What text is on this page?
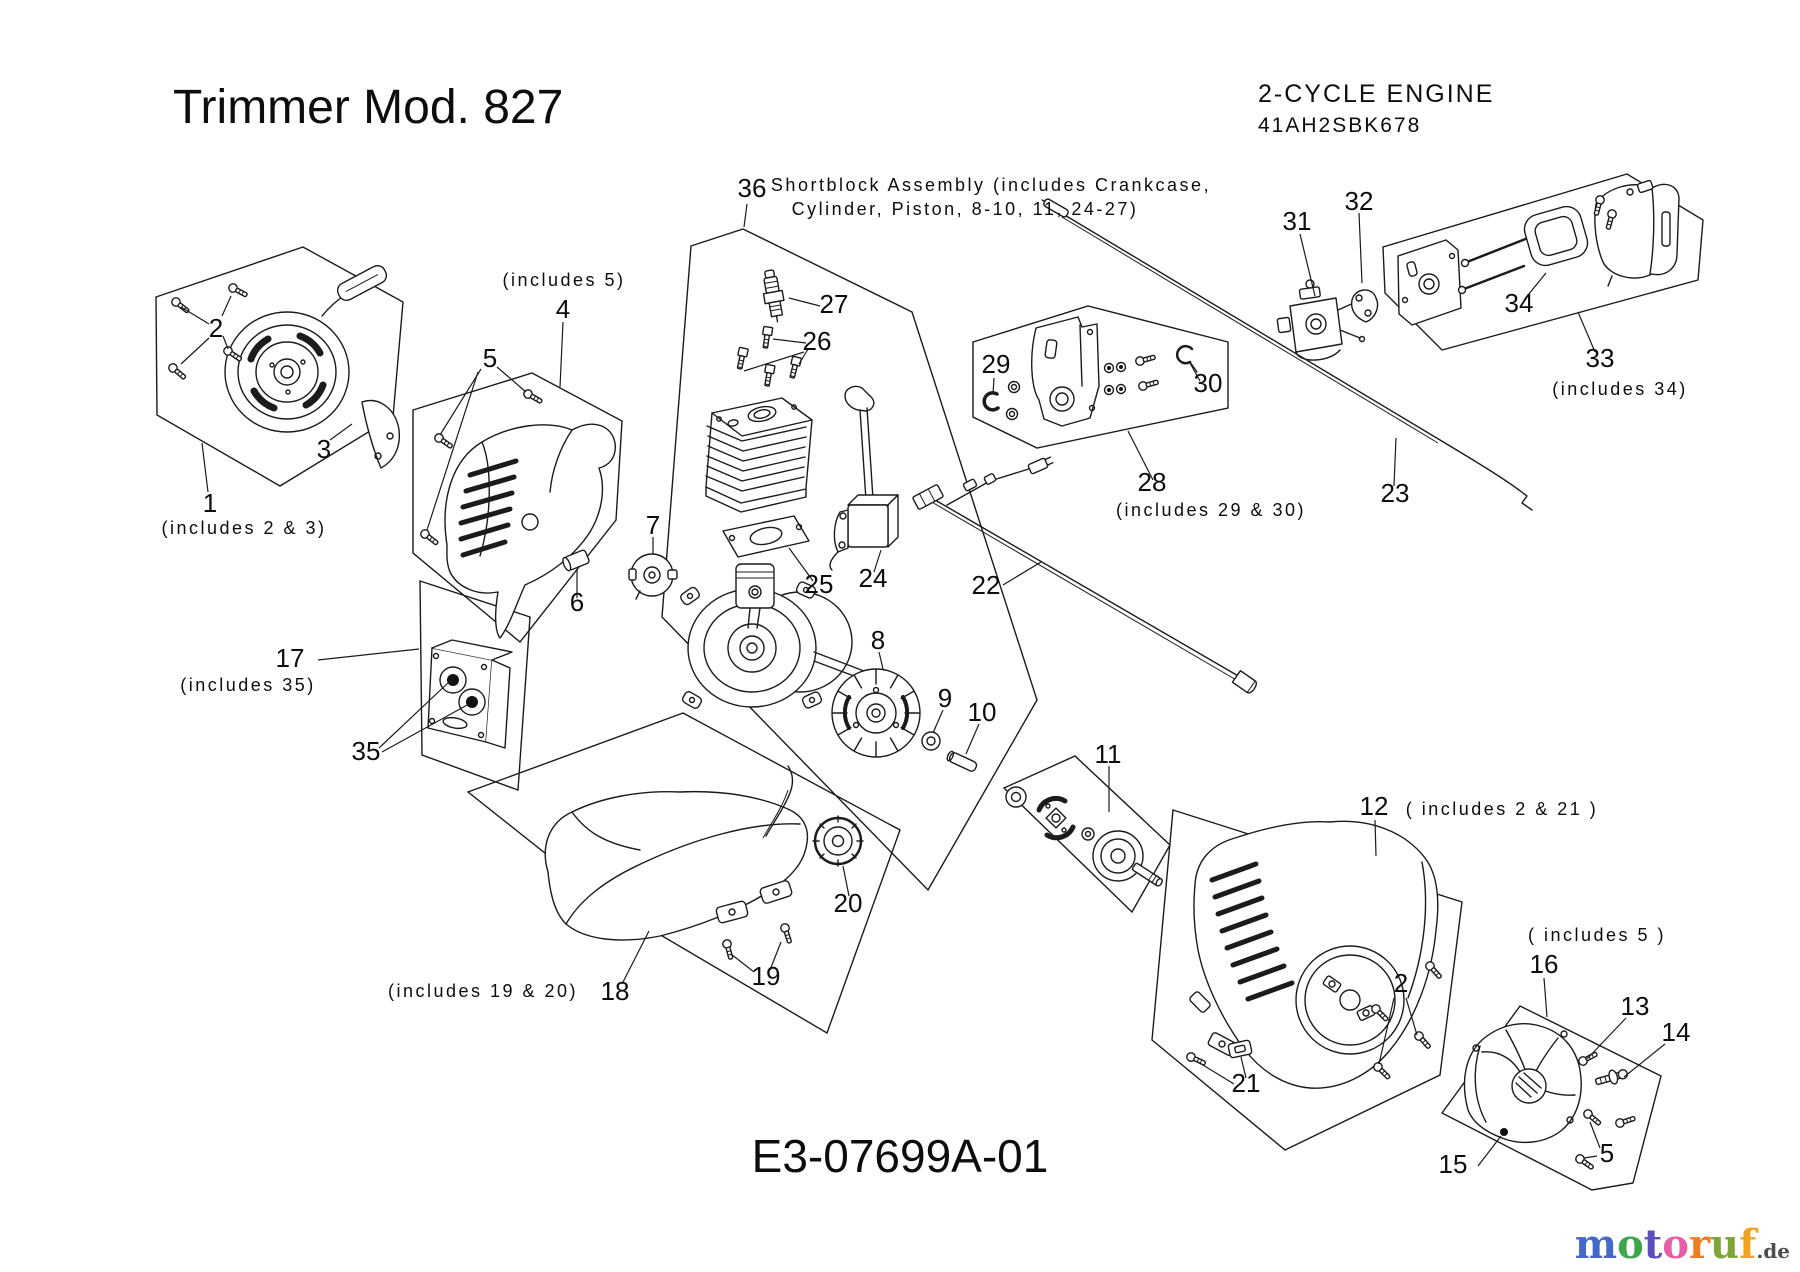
Trimmer Mod. 827	2-CYCLE ENGINE
41AH2SBK678
36 Shortblock Assembly (includes Crankcase,
Cylinder, Piston, 8-10, 11, 24-27)
1
(includes 2 & 3)
2
3
(includes 5)
4
5
6
7
8
9 10
11
12 ( includes 2 & 21 )
13
14
15
( includes 5 )
16
17
(includes 35)
18
(includes 19 & 20)	19
20
21
22
23
24
25
26
27
28
(includes 29 & 30)
29
30
31
32
33
(includes 34)
34
35
2
5
E3-07699A-01
motoruf.de
